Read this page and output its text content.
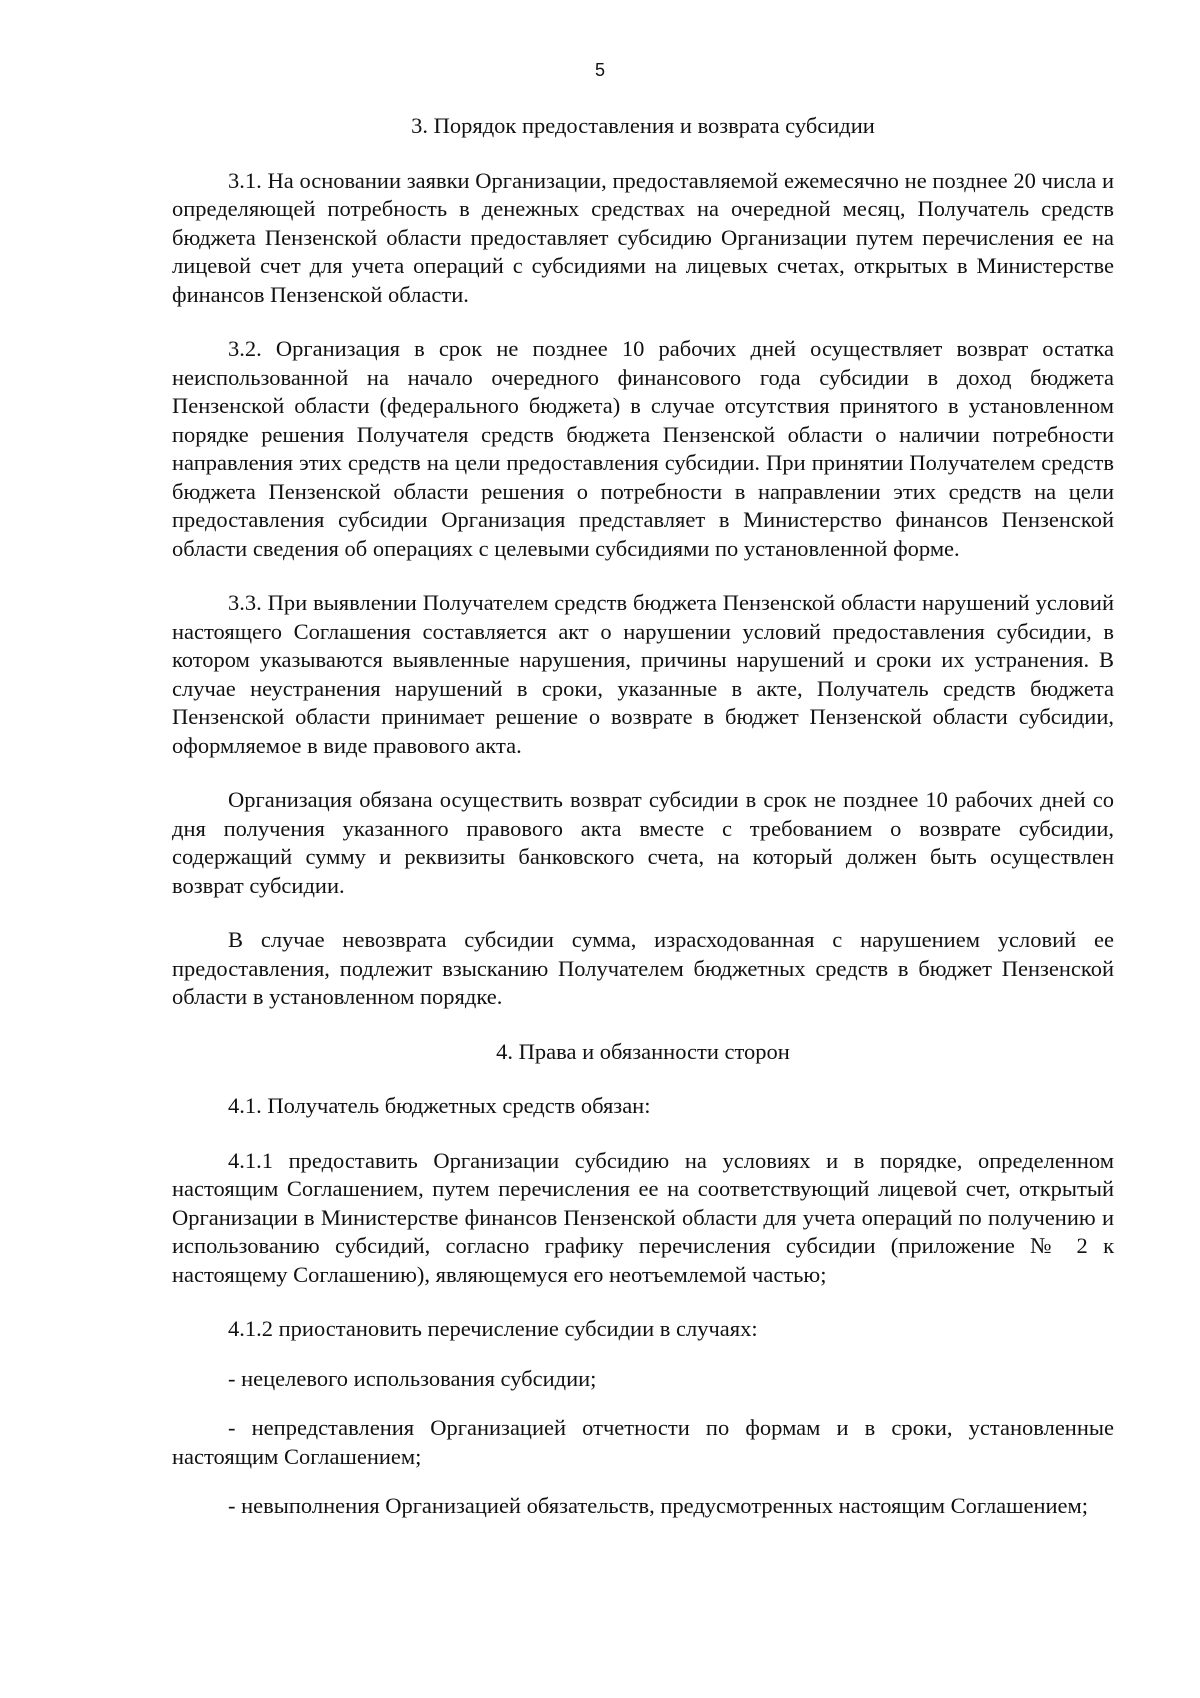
5

3. Порядок предоставления и возврата субсидии

3.1. На основании заявки Организации, предоставляемой ежемесячно не позднее 20 числа и определяющей потребность в денежных средствах на очередной месяц, Получатель средств бюджета Пензенской области предоставляет субсидию Организации путем перечисления ее на лицевой счет для учета операций с субсидиями на лицевых счетах, открытых в Министерстве финансов Пензенской области.

3.2. Организация в срок не позднее 10 рабочих дней осуществляет возврат остатка неиспользованной на начало очередного финансового года субсидии в доход бюджета Пензенской области (федерального бюджета) в случае отсутствия принятого в установленном порядке решения Получателя средств бюджета Пензенской области о наличии потребности направления этих средств на цели предоставления субсидии. При принятии Получателем средств бюджета Пензенской области решения о потребности в направлении этих средств на цели предоставления субсидии Организация представляет в Министерство финансов Пензенской области сведения об операциях с целевыми субсидиями по установленной форме.

3.3. При выявлении Получателем средств бюджета Пензенской области нарушений условий настоящего Соглашения составляется акт о нарушении условий предоставления субсидии, в котором указываются выявленные нарушения, причины нарушений и сроки их устранения. В случае неустранения нарушений в сроки, указанные в акте, Получатель средств бюджета Пензенской области принимает решение о возврате в бюджет Пензенской области субсидии, оформляемое в виде правового акта.

Организация обязана осуществить возврат субсидии в срок не позднее 10 рабочих дней со дня получения указанного правового акта вместе с требованием о возврате субсидии, содержащий сумму и реквизиты банковского счета, на который должен быть осуществлен возврат субсидии.

В случае невозврата субсидии сумма, израсходованная с нарушением условий ее предоставления, подлежит взысканию Получателем бюджетных средств в бюджет Пензенской области в установленном порядке.

4. Права и обязанности сторон

4.1. Получатель бюджетных средств обязан:

4.1.1 предоставить Организации субсидию на условиях и в порядке, определенном настоящим Соглашением, путем перечисления ее на соответствующий лицевой счет, открытый Организации в Министерстве финансов Пензенской области для учета операций по получению и использованию субсидий, согласно графику перечисления субсидии (приложение № 2 к настоящему Соглашению), являющемуся его неотъемлемой частью;

4.1.2 приостановить перечисление субсидии в случаях:

- нецелевого использования субсидии;

- непредставления Организацией отчетности по формам и в сроки, установленные настоящим Соглашением;

- невыполнения Организацией обязательств, предусмотренных настоящим Соглашением;
